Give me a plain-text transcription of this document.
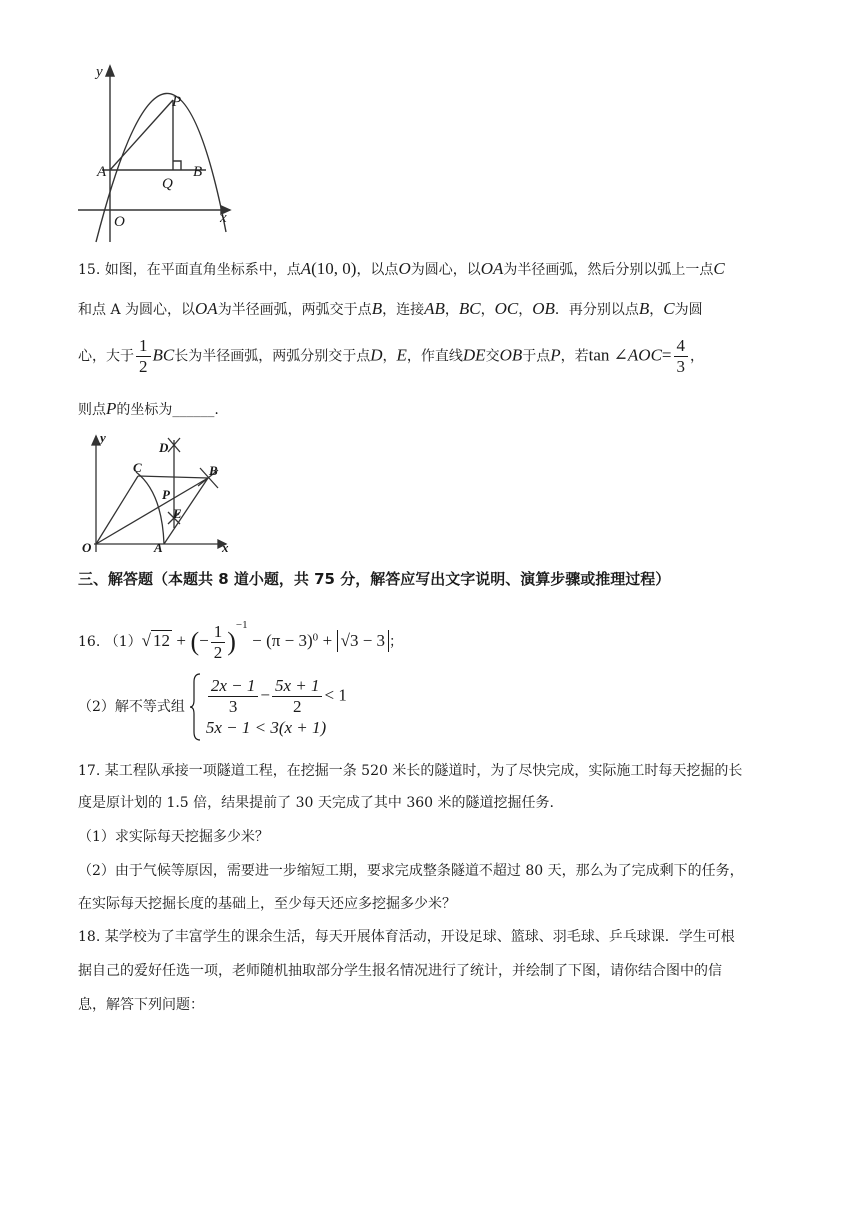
y
P
A
Q
B
O	x
15. 如图，在平面直角坐标系中，点A(10, 0)，以点O为圆心，以OA为半径画弧，然后分别以弧上一点C
和点 A 为圆心，以OA为半径画弧，两弧交于点B，连接AB，BC，OC，OB．再分别以点B，C为圆
心，大于 $\frac{1}{2}$ BC长为半径画弧，两弧分别交于点D，E，作直线DE交OB于点P，若tan ∠AOC= $\frac{4}{3}$ ，
则点P的坐标为______.
y
D
C	B
P
E
O	A	x
三、解答题（本题共 8 道小题，共 75 分，解答应写出文字说明、演算步骤或推理过程）
16. （1）√ 12 + (− $\frac{1}{2} )^{-1} - (\pi - 3)^0 + √3 - 3$ ；
（2）解不等式组 $\frac{2x - 1}{3} - \frac{5x + 1}{2} < 1$
5x − 1 < 3(x + 1)
17. 某工程队承接一项隧道工程，在挖掘一条 520 米长的隧道时，为了尽快完成，实际施工时每天挖掘的长
度是原计划的 1.5 倍，结果提前了 30 天完成了其中 360 米的隧道挖掘任务.
（1）求实际每天挖掘多少米？
（2）由于气候等原因，需要进一步缩短工期，要求完成整条隧道不超过 80 天，那么为了完成剩下的任务，
在实际每天挖掘长度的基础上，至少每天还应多挖掘多少米？
18. 某学校为了丰富学生的课余生活，每天开展体育活动，开设足球、篮球、羽毛球、乒乓球课．学生可根
据自己的爱好任选一项，老师随机抽取部分学生报名情况进行了统计，并绘制了下图，请你结合图中的信
息，解答下列问题：
